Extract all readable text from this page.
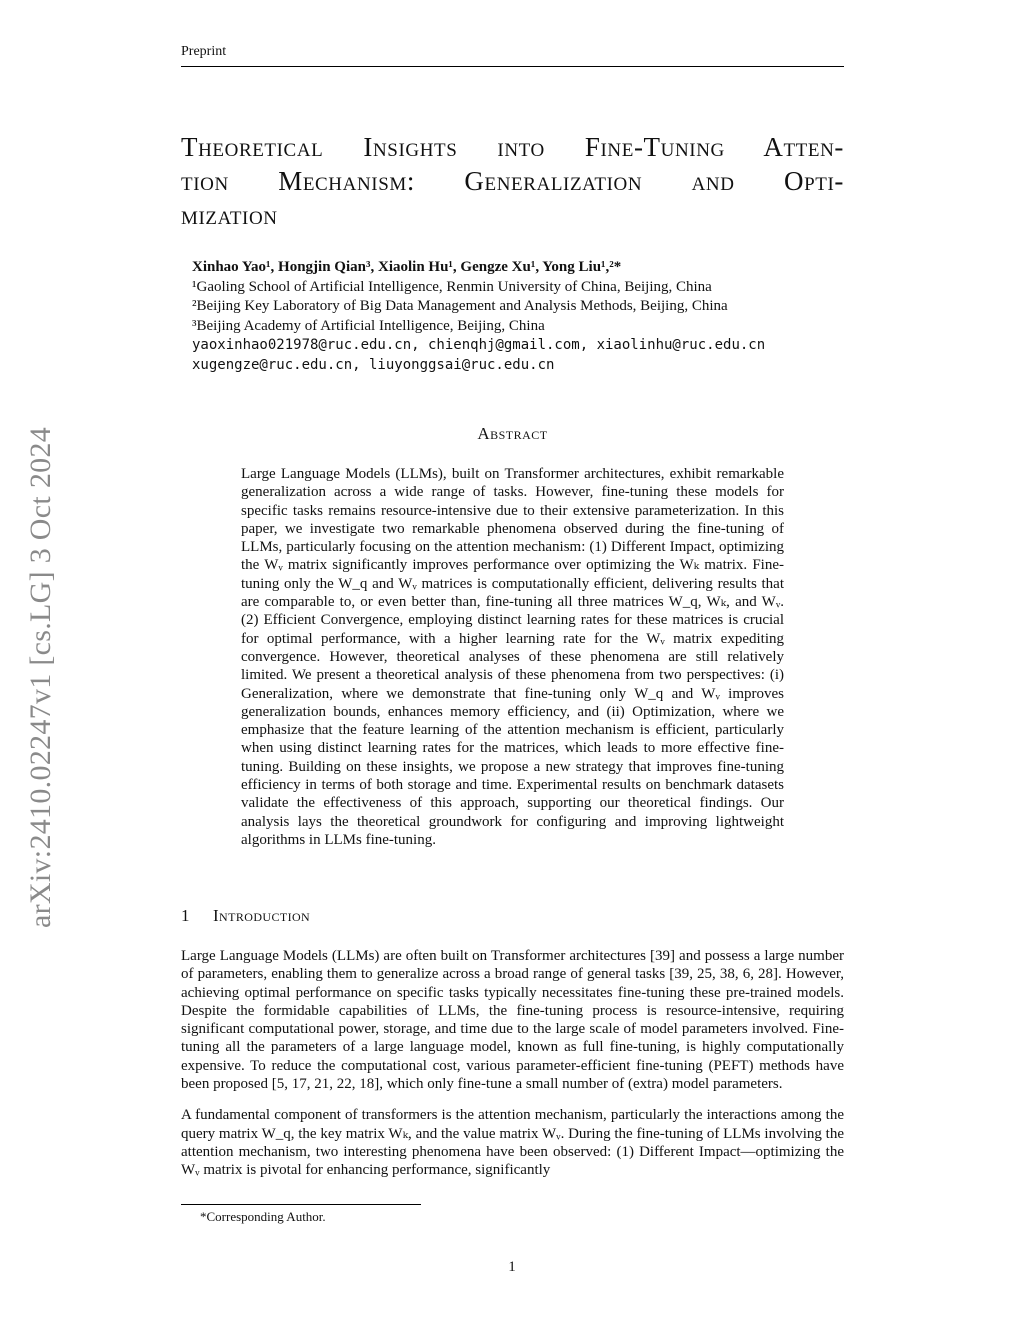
Preprint
arXiv:2410.02247v1 [cs.LG] 3 Oct 2024
Theoretical Insights into Fine-Tuning Atten-
tion Mechanism: Generalization and Opti-
mization
Xinhao Yao¹, Hongjin Qian³, Xiaolin Hu¹, Gengze Xu¹, Yong Liu¹,²*
¹Gaoling School of Artificial Intelligence, Renmin University of China, Beijing, China
²Beijing Key Laboratory of Big Data Management and Analysis Methods, Beijing, China
³Beijing Academy of Artificial Intelligence, Beijing, China
yaoxinhao021978@ruc.edu.cn, chienqhj@gmail.com, xiaolinhu@ruc.edu.cn
xugengze@ruc.edu.cn, liuyonggsai@ruc.edu.cn
Abstract

Large Language Models (LLMs), built on Transformer architectures, exhibit remarkable generalization across a wide range of tasks. However, fine-tuning these models for specific tasks remains resource-intensive due to their extensive parameterization. In this paper, we investigate two remarkable phenomena observed during the fine-tuning of LLMs, particularly focusing on the attention mechanism: (1) Different Impact, optimizing the Wᵥ matrix significantly improves performance over optimizing the Wₖ matrix. Fine-tuning only the W_q and Wᵥ matrices is computationally efficient, delivering results that are comparable to, or even better than, fine-tuning all three matrices W_q, Wₖ, and Wᵥ. (2) Efficient Convergence, employing distinct learning rates for these matrices is crucial for optimal performance, with a higher learning rate for the Wᵥ matrix expediting convergence. However, theoretical analyses of these phenomena are still relatively limited. We present a theoretical analysis of these phenomena from two perspectives: (i) Generalization, where we demonstrate that fine-tuning only W_q and Wᵥ improves generalization bounds, enhances memory efficiency, and (ii) Optimization, where we emphasize that the feature learning of the attention mechanism is efficient, particularly when using distinct learning rates for the matrices, which leads to more effective fine-tuning. Building on these insights, we propose a new strategy that improves fine-tuning efficiency in terms of both storage and time. Experimental results on benchmark datasets validate the effectiveness of this approach, supporting our theoretical findings. Our analysis lays the theoretical groundwork for configuring and improving lightweight algorithms in LLMs fine-tuning.

1 Introduction

Large Language Models (LLMs) are often built on Transformer architectures [39] and possess a large number of parameters, enabling them to generalize across a broad range of general tasks [39, 25, 38, 6, 28]. However, achieving optimal performance on specific tasks typically necessitates fine-tuning these pre-trained models. Despite the formidable capabilities of LLMs, the fine-tuning process is resource-intensive, requiring significant computational power, storage, and time due to the large scale of model parameters involved. Fine-tuning all the parameters of a large language model, known as full fine-tuning, is highly computationally expensive. To reduce the computational cost, various parameter-efficient fine-tuning (PEFT) methods have been proposed [5, 17, 21, 22, 18], which only fine-tune a small number of (extra) model parameters.

A fundamental component of transformers is the attention mechanism, particularly the interactions among the query matrix W_q, the key matrix Wₖ, and the value matrix Wᵥ. During the fine-tuning of LLMs involving the attention mechanism, two interesting phenomena have been observed: (1) Different Impact—optimizing the Wᵥ matrix is pivotal for enhancing performance, significantly

*Corresponding Author.
1
